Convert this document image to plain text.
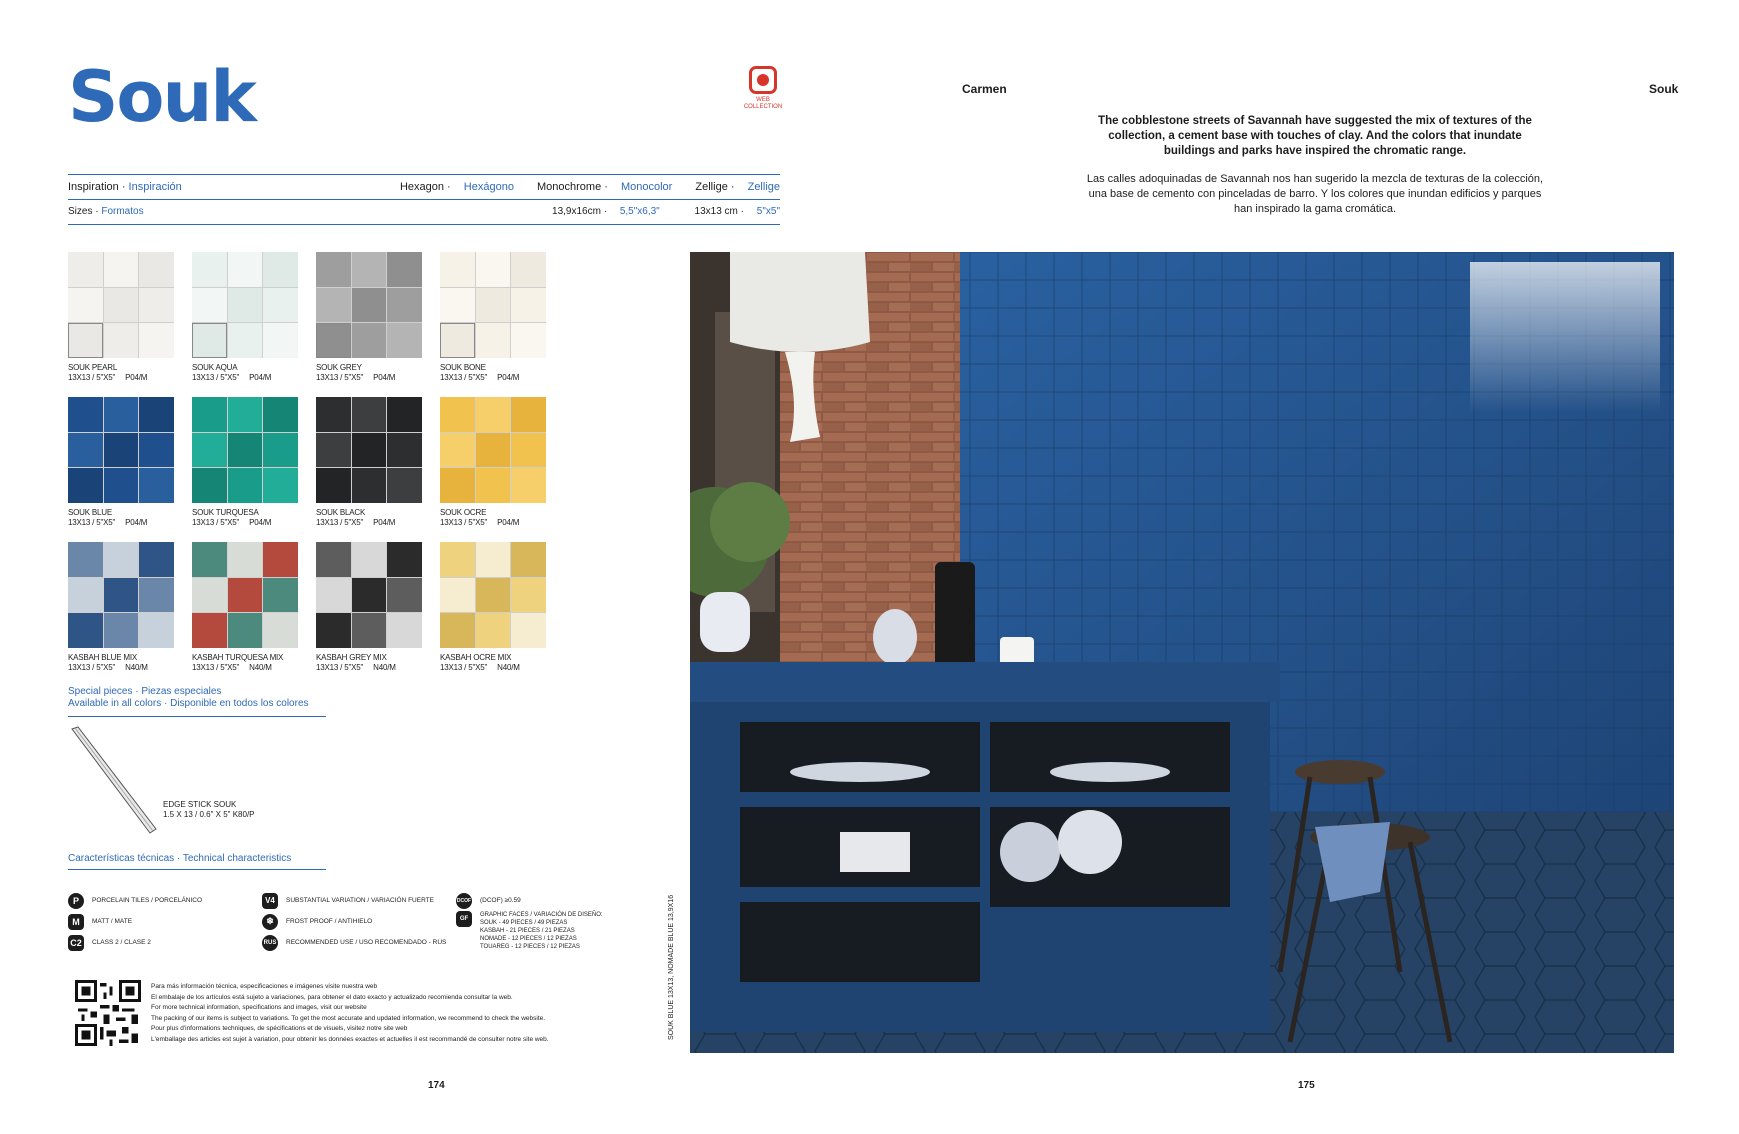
Souk	WEB
COLLECTION
Inspiration · Inspiración	Hexagon · Hexágono Monochrome · Monocolor Zellige · Zellige
Sizes · Formatos	13,9x16cm · 5,5"x6,3"	13x13 cm · 5"x5"
SOUK PEARL
13X13 / 5"X5" P04/M
SOUK AQUA
13X13 / 5"X5" P04/M
SOUK GREY
13X13 / 5"X5" P04/M
SOUK BONE
13X13 / 5"X5" P04/M
SOUK BLUE
13X13 / 5"X5" P04/M
SOUK TURQUESA
13X13 / 5"X5" P04/M
SOUK BLACK
13X13 / 5"X5" P04/M
SOUK OCRE
13X13 / 5"X5" P04/M
KASBAH BLUE MIX
13X13 / 5"X5" N40/M
KASBAH TURQUESA MIX
13X13 / 5"X5" N40/M
KASBAH GREY MIX
13X13 / 5"X5" N40/M
KASBAH OCRE MIX
13X13 / 5"X5" N40/M
Special pieces · Piezas especiales
Available in all colors · Disponible en todos los colores
EDGE STICK SOUK
1.5 X 13 / 0.6" X 5" K80/P
Características técnicas · Technical characteristics
P	PORCELAIN TILES / PORCELÁNICO
M	MATT / MATE
C2	CLASS 2 / CLASE 2
V4	SUBSTANTIAL VARIATION / VARIACIÓN FUERTE
❄	FROST PROOF / ANTIHIELO
RUS RECOMMENDED USE / USO RECOMENDADO - RUS
DCOF (DCOF) ≥0.59
GF
GRAPHIC FACES / VARIACIÓN DE DISEÑO:
SOUK - 49 PIECES / 49 PIEZAS
KASBAH - 21 PIECES / 21 PIEZAS
NOMADE - 12 PIECES / 12 PIEZAS
TOUAREG - 12 PIECES / 12 PIEZAS
Para más información técnica, especificaciones e imágenes visite nuestra web
El embalaje de los artículos está sujeto a variaciones, para obtener el dato exacto y actualizado recomienda consultar la web.
For more technical information, specifications and images, visit our website
The packing of our items is subject to variations. To get the most accurate and updated information, we recommend to check the website.
Pour plus d'informations techniques, de spécifications et de visuels, visitez notre site web
L'emballage des articles est sujet à variation, pour obtenir les données exactes et actuelles il est recommandé de consulter notre site web.
174
Carmen	Souk
The cobblestone streets of Savannah have suggested the mix of textures of the collection, a cement base with touches of clay. And the colors that inundate buildings and parks have inspired the chromatic range.
Las calles adoquinadas de Savannah nos han sugerido la mezcla de texturas de la colección, una base de cemento con pinceladas de barro. Y los colores que inundan edificios y parques han inspirado la gama cromática.
SOUK BLUE 13X13, NOMADE BLUE 13,9X16
175
